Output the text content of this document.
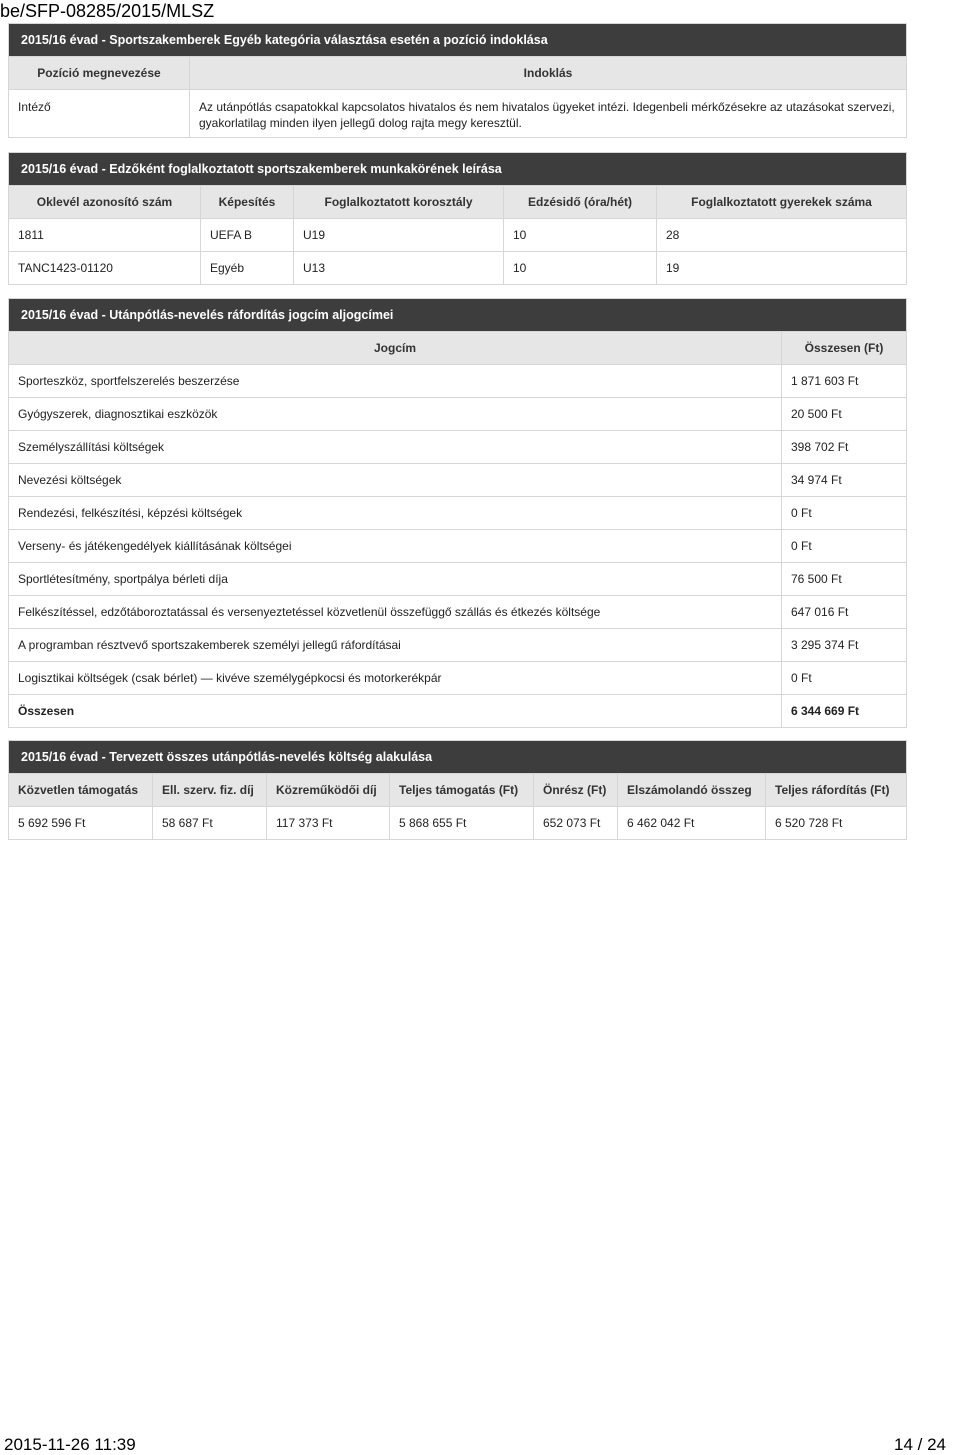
be/SFP-08285/2015/MLSZ
2015/16 évad - Sportszakemberek Egyéb kategória választása esetén a pozíció indoklása
Pozíció megnevezése	Indoklás
Intéző	Az utánpótlás csapatokkal kapcsolatos hivatalos és nem hivatalos ügyeket intézi. Idegenbeli mérkőzésekre az utazásokat szervezi, gyakorlatilag minden ilyen jellegű dolog rajta megy keresztül.
2015/16 évad - Edzőként foglalkoztatott sportszakemberek munkakörének leírása
Oklevél azonosító szám	Képesítés	Foglalkoztatott korosztály	Edzésidő (óra/hét)	Foglalkoztatott gyerekek száma
1811	UEFA B	U19	10	28
TANC1423-01120	Egyéb	U13	10	19
2015/16 évad - Utánpótlás-nevelés ráfordítás jogcím aljogcímei
Jogcím	Összesen (Ft)
Sporteszköz, sportfelszerelés beszerzése	1 871 603 Ft
Gyógyszerek, diagnosztikai eszközök	20 500 Ft
Személyszállítási költségek	398 702 Ft
Nevezési költségek	34 974 Ft
Rendezési, felkészítési, képzési költségek	0 Ft
Verseny- és játékengedélyek kiállításának költségei	0 Ft
Sportlétesítmény, sportpálya bérleti díja	76 500 Ft
Felkészítéssel, edzőtáboroztatással és versenyeztetéssel közvetlenül összefüggő szállás és étkezés költsége	647 016 Ft
A programban résztvevő sportszakemberek személyi jellegű ráfordításai	3 295 374 Ft
Logisztikai költségek (csak bérlet) — kivéve személygépkocsi és motorkerékpár	0 Ft
Összesen	6 344 669 Ft
2015/16 évad - Tervezett összes utánpótlás-nevelés költség alakulása
Közvetlen támogatás	Ell. szerv. fiz. díj	Közreműködői díj	Teljes támogatás (Ft)	Önrész (Ft)	Elszámolandó összeg	Teljes ráfordítás (Ft)
5 692 596 Ft	58 687 Ft	117 373 Ft	5 868 655 Ft	652 073 Ft	6 462 042 Ft	6 520 728 Ft
2015-11-26 11:39	14 / 24
